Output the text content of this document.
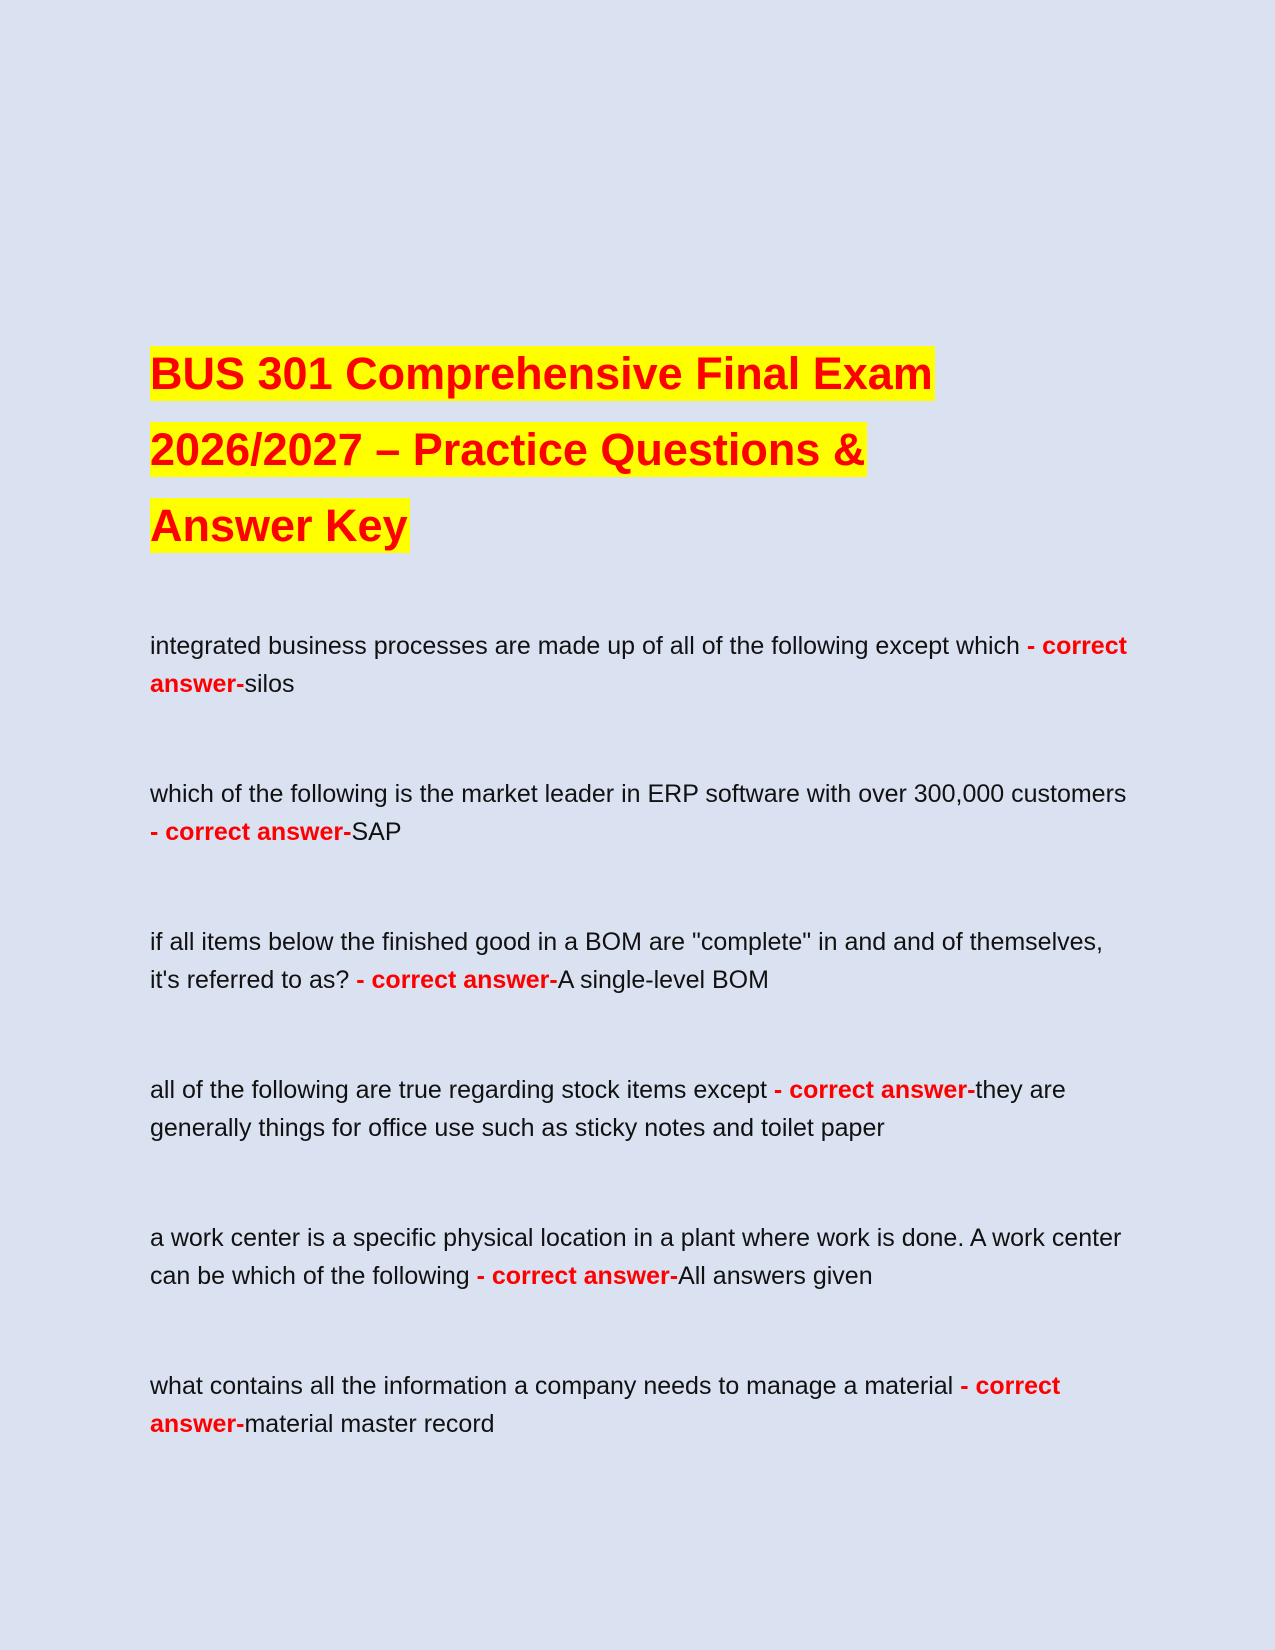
BUS 301 Comprehensive Final Exam
2026/2027 – Practice Questions &
Answer Key

integrated business processes are made up of all of the following except which - correct answer-silos

which of the following is the market leader in ERP software with over 300,000 customers - correct answer-SAP

if all items below the finished good in a BOM are "complete" in and and of themselves, it's referred to as? - correct answer-A single-level BOM

all of the following are true regarding stock items except - correct answer-they are generally things for office use such as sticky notes and toilet paper

a work center is a specific physical location in a plant where work is done. A work center can be which of the following - correct answer-All answers given

what contains all the information a company needs to manage a material - correct answer-material master record
